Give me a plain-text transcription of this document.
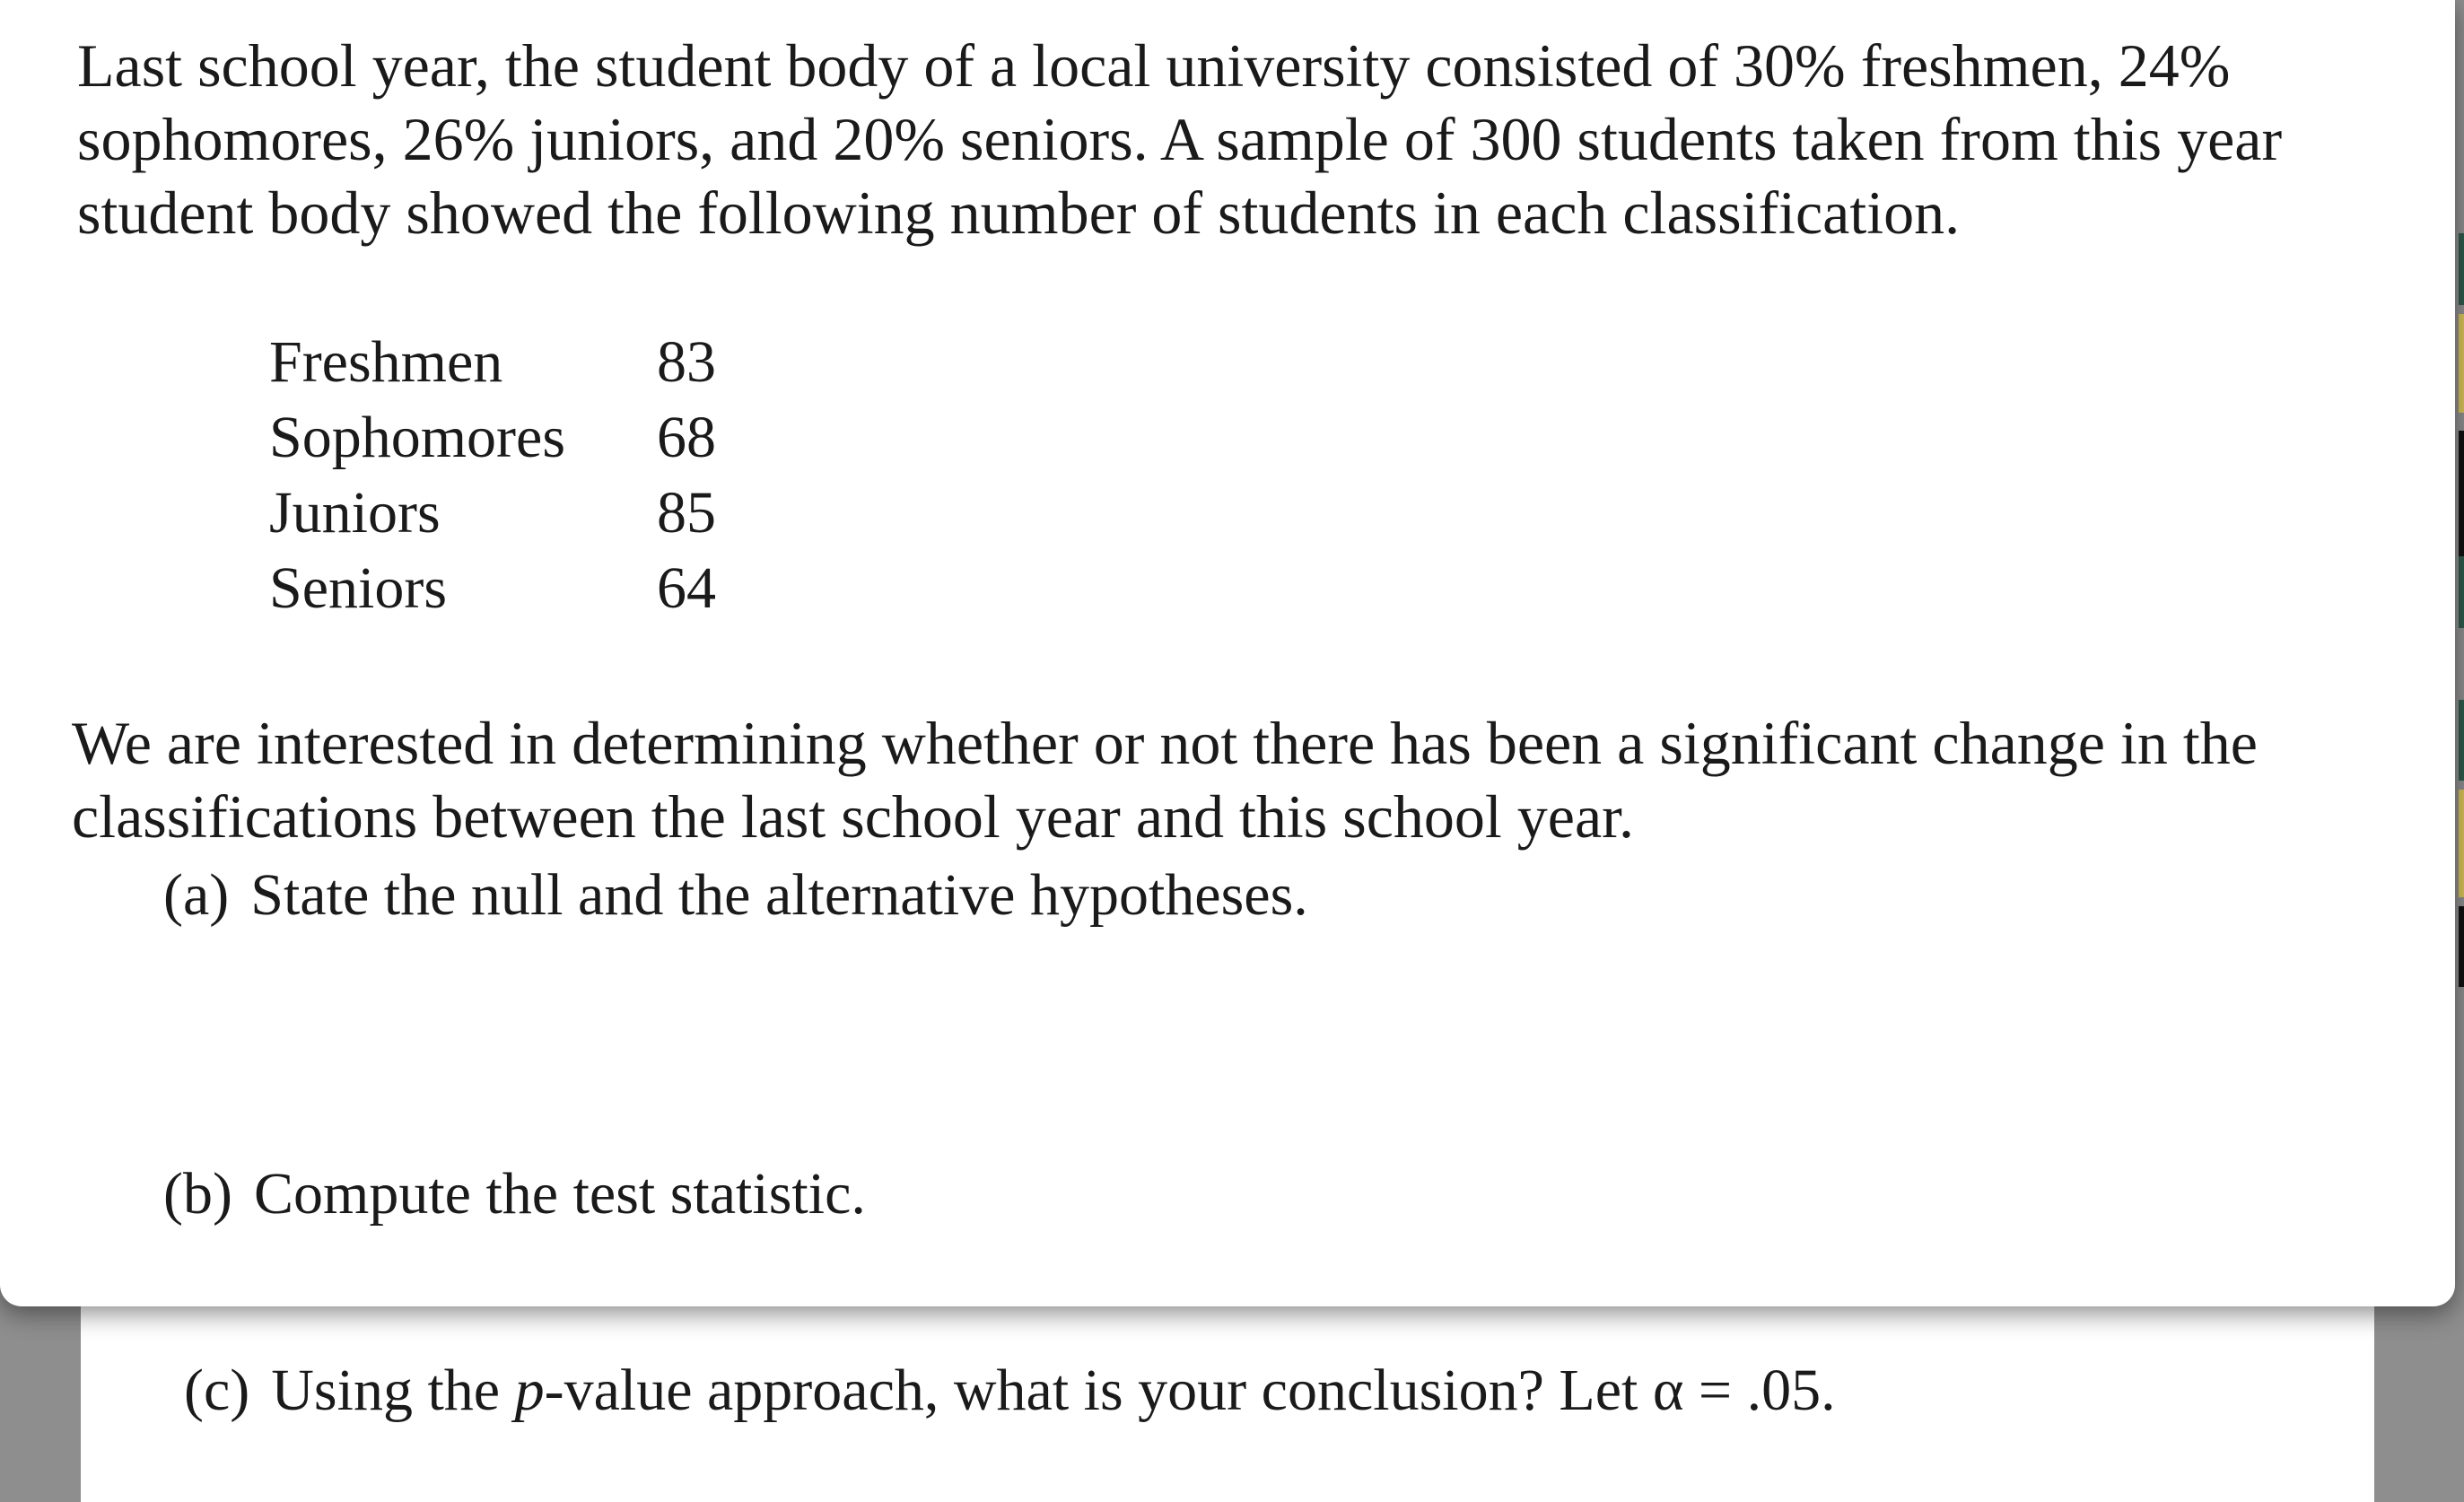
(c) Using the p-value approach, what is your conclusion? Let α = .05.
Last school year, the student body of a local university consisted of 30% freshmen, 24%
sophomores, 26% juniors, and 20% seniors. A sample of 300 students taken from this year
student body showed the following number of students in each classification.
Freshmen	83
Sophomores	68
Juniors	85
Seniors	64
We are interested in determining whether or not there has been a significant change in the
classifications between the last school year and this school year.
(a) State the null and the alternative hypotheses.
(b) Compute the test statistic.
